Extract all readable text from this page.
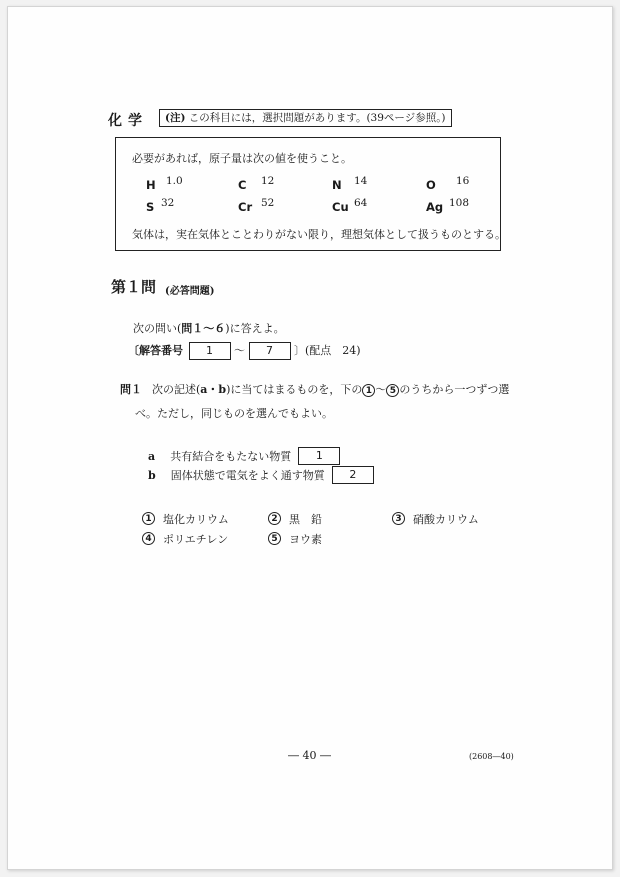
化学	(注) この科目には，選択問題があります。(39ページ参照。)
必要があれば，原子量は次の値を使うこと。
H 1.0	C 12	N 14	O 16
S 32	Cr 52	Cu 64	Ag 108
気体は，実在気体とことわりがない限り，理想気体として扱うものとする。
第１問 (必答問題)
次の問い(問１～６)に答えよ。
〔解答番号 1 ～ 7 〕(配点　24)
問１ 次の記述(a・b)に当てはまるものを，下の 1 ～ 5 のうちから一つずつ選
べ。ただし，同じものを選んでもよい。
a 共有結合をもたない物質 1
b 固体状態で電気をよく通す物質 2
1 塩化カリウム	2 黒　鉛	3 硝酸カリウム
4 ポリエチレン	5 ヨウ素
― 40 ―	(2608―40)
